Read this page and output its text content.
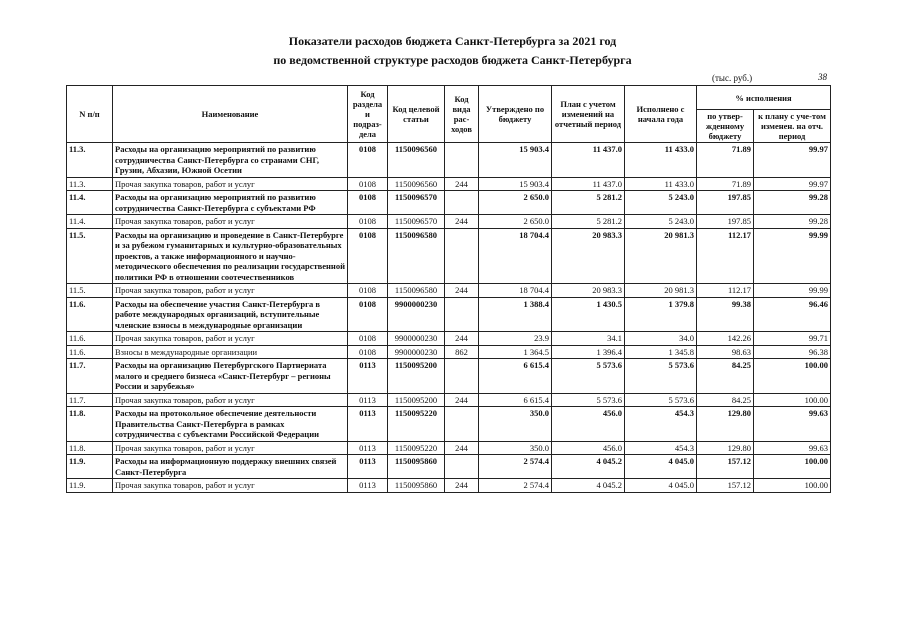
Показатели расходов бюджета Санкт-Петербурга за 2021 год
по ведомственной структуре расходов бюджета Санкт-Петербурга
(тыс. руб.)	38
N п/п	Наименование	Код раздела и подраз-дела	Код целевой статьи	Код вида рас-ходов	Утверждено по бюджету	План с учетом изменений на отчетный период	Исполнено с начала года	% исполнения	
								по утвер-жденному бюджету	к плану с уче-том изменен. на отч. период
11.3.	Расходы на организацию мероприятий по развитию сотрудничества Санкт-Петербурга со странами СНГ, Грузии, Абхазии, Южной Осетии	0108	1150096560		15 903.4	11 437.0	11 433.0	71.89	99.97
11.3.	Прочая закупка товаров, работ и услуг	0108	1150096560	244	15 903.4	11 437.0	11 433.0	71.89	99.97
11.4.	Расходы на организацию мероприятий по развитию сотрудничества Санкт-Петербурга с субъектами РФ	0108	1150096570		2 650.0	5 281.2	5 243.0	197.85	99.28
11.4.	Прочая закупка товаров, работ и услуг	0108	1150096570	244	2 650.0	5 281.2	5 243.0	197.85	99.28
11.5.	Расходы на организацию и проведение в Санкт-Петербурге и за рубежом гуманитарных и культурно-образовательных проектов, а также информационного и научно-методического обеспечения по реализации государственной политики РФ в отношении соотечественников	0108	1150096580		18 704.4	20 983.3	20 981.3	112.17	99.99
11.5.	Прочая закупка товаров, работ и услуг	0108	1150096580	244	18 704.4	20 983.3	20 981.3	112.17	99.99
11.6.	Расходы на обеспечение участия Санкт-Петербурга в работе международных организаций, вступительные членские взносы в международные организации	0108	9900000230		1 388.4	1 430.5	1 379.8	99.38	96.46
11.6.	Прочая закупка товаров, работ и услуг	0108	9900000230	244	23.9	34.1	34.0	142.26	99.71
11.6.	Взносы в международные организации	0108	9900000230	862	1 364.5	1 396.4	1 345.8	98.63	96.38
11.7.	Расходы на организацию Петербургского Партнериата малого и среднего бизнеса «Санкт-Петербург – регионы России и зарубежья»	0113	1150095200		6 615.4	5 573.6	5 573.6	84.25	100.00
11.7.	Прочая закупка товаров, работ и услуг	0113	1150095200	244	6 615.4	5 573.6	5 573.6	84.25	100.00
11.8.	Расходы на протокольное обеспечение деятельности Правительства Санкт-Петербурга в рамках сотрудничества с субъектами Российской Федерации	0113	1150095220		350.0	456.0	454.3	129.80	99.63
11.8.	Прочая закупка товаров, работ и услуг	0113	1150095220	244	350.0	456.0	454.3	129.80	99.63
11.9.	Расходы на информационную поддержку внешних связей Санкт-Петербурга	0113	1150095860		2 574.4	4 045.2	4 045.0	157.12	100.00
11.9.	Прочая закупка товаров, работ и услуг	0113	1150095860	244	2 574.4	4 045.2	4 045.0	157.12	100.00
